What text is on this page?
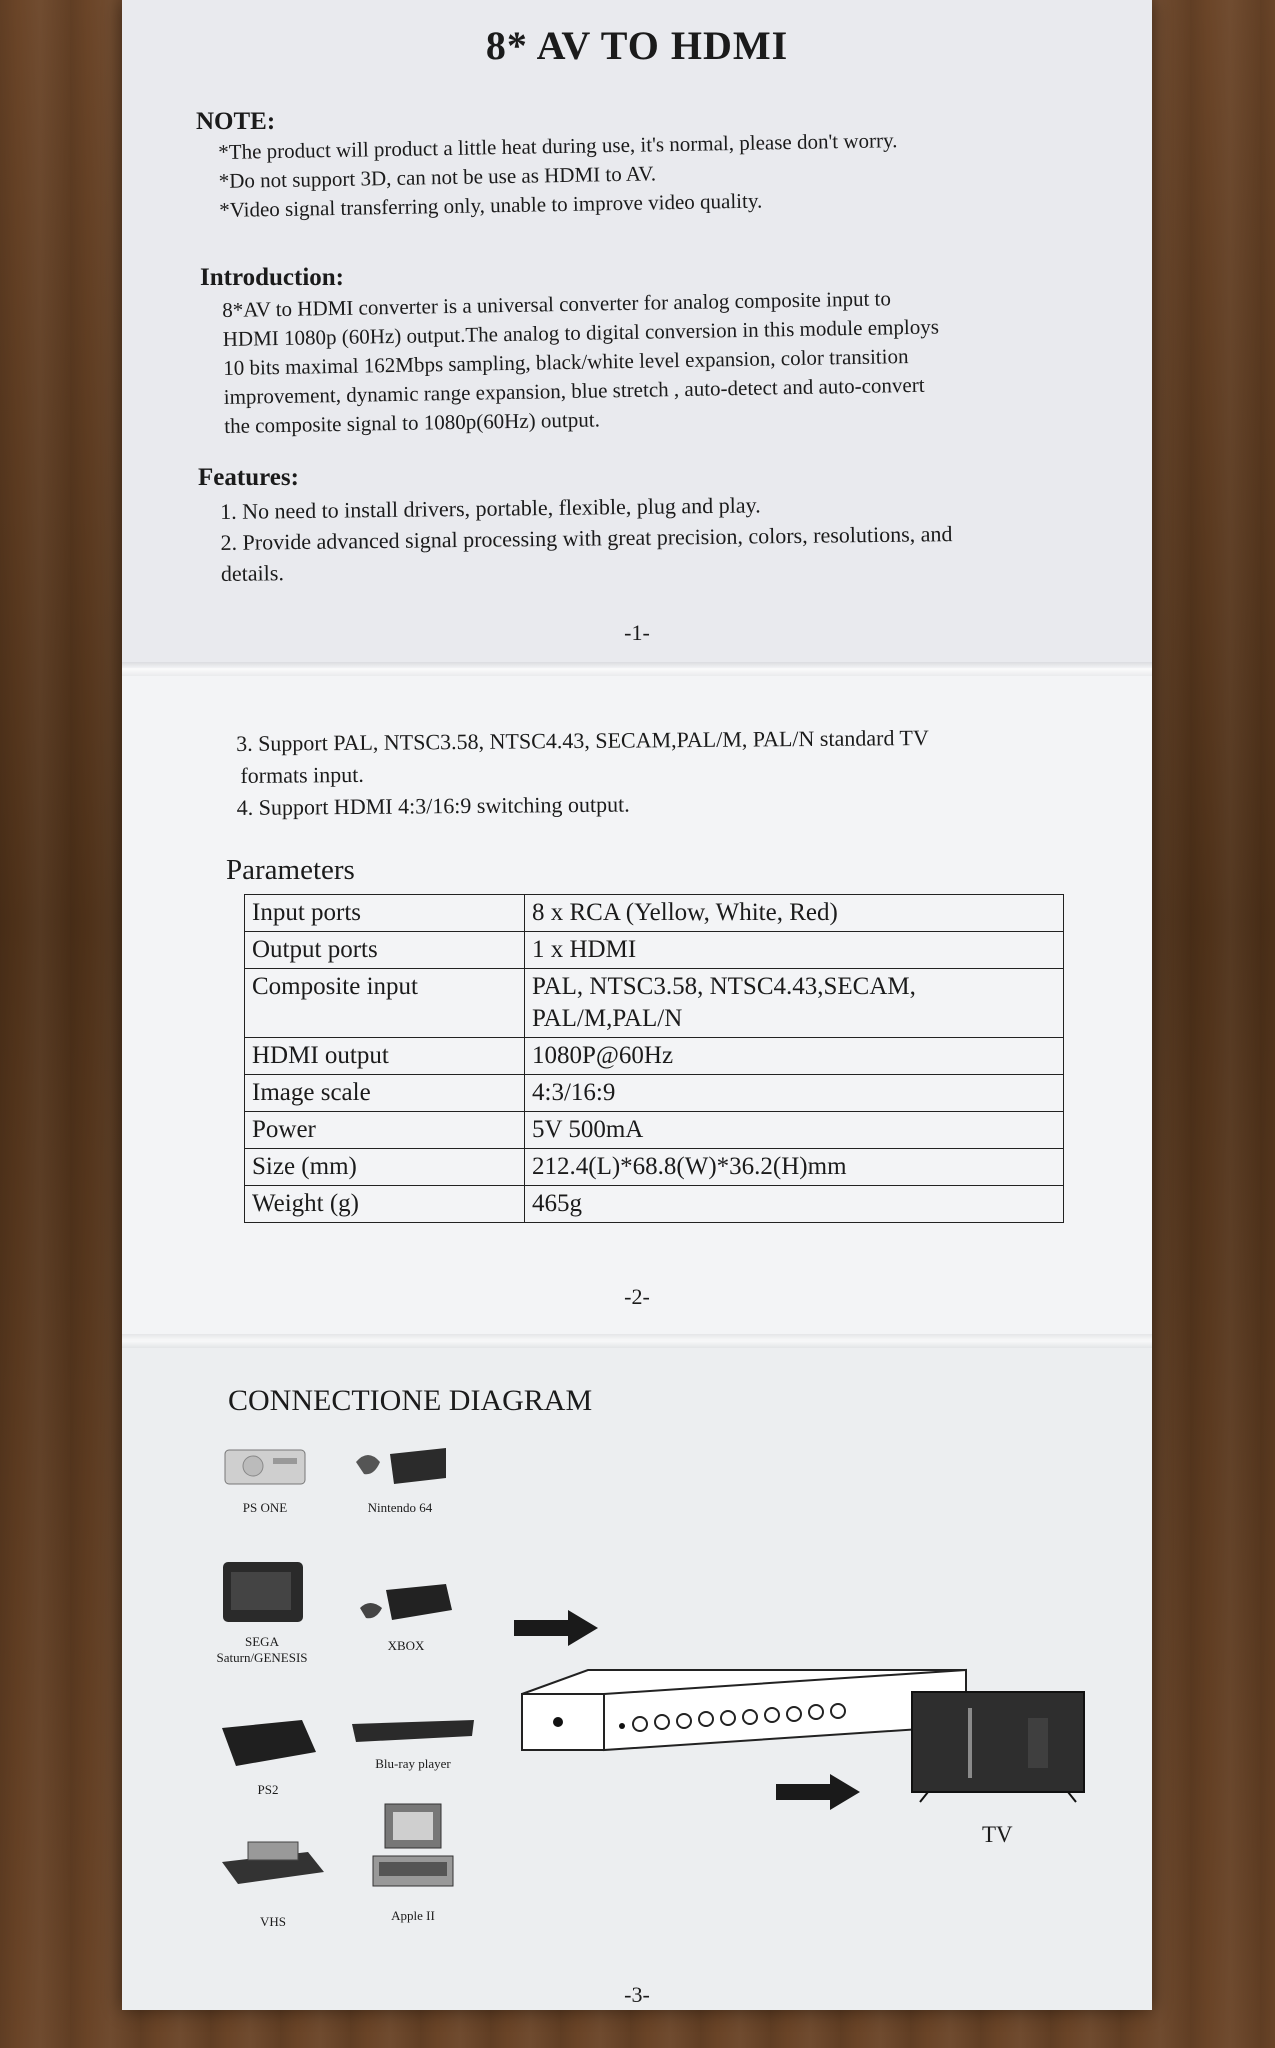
8* AV TO HDMI
NOTE:
*The product will product a little heat during use, it's normal, please don't worry.
*Do not support 3D, can not be use as HDMI to AV.
*Video signal transferring only, unable to improve video quality.
Introduction:
8*AV to HDMI converter is a universal converter for analog composite input to
HDMI 1080p (60Hz) output.The analog to digital conversion in this module employs
10 bits maximal 162Mbps sampling, black/white level expansion, color transition
improvement, dynamic range expansion, blue stretch , auto-detect and auto-convert
the composite signal to 1080p(60Hz) output.
Features:
1. No need to install drivers, portable, flexible, plug and play.
2. Provide advanced signal processing with great precision, colors, resolutions, and
details.
-1-
3. Support PAL, NTSC3.58, NTSC4.43, SECAM,PAL/M, PAL/N standard TV
formats input.
4. Support HDMI 4:3/16:9 switching output.
Parameters
Input ports	8 x RCA (Yellow, White, Red)
Output ports	1 x HDMI
Composite input	PAL, NTSC3.58, NTSC4.43,SECAM, PAL/M,PAL/N
HDMI output	1080P@60Hz
Image scale	4:3/16:9
Power	5V 500mA
Size (mm)	212.4(L)*68.8(W)*36.2(H)mm
Weight (g)	465g
-2-
CONNECTIONE DIAGRAM
PS ONE	Nintendo 64
SEGA Saturn/GENESIS
XBOX
PS2
Blu-ray player
VHS	Apple II
TV
-3-
